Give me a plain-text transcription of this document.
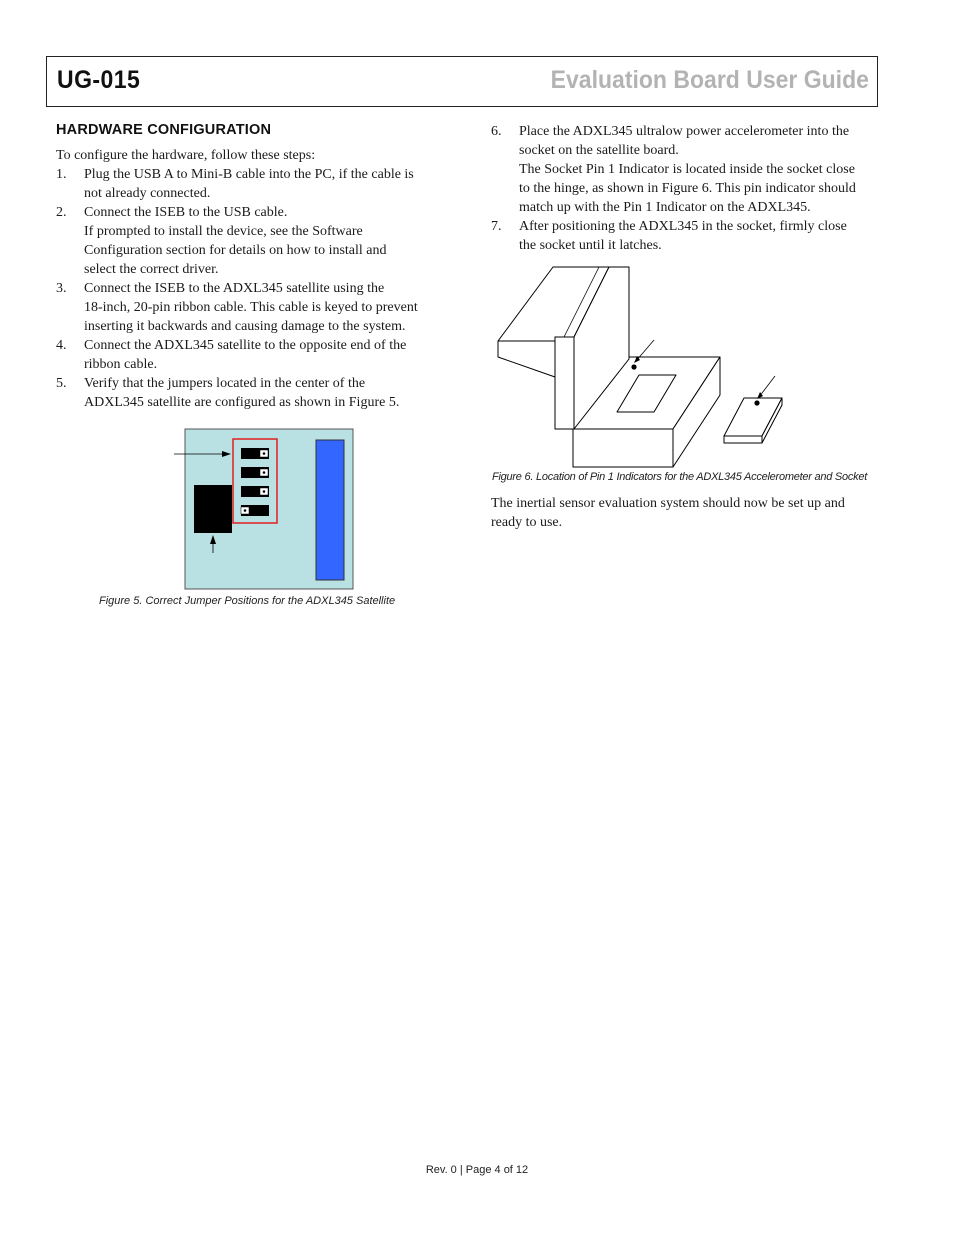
UG-015	Evaluation Board User Guide
HARDWARE CONFIGURATION

To configure the hardware, follow these steps:

1. Plug the USB A to Mini-B cable into the PC, if the cable is
not already connected.
2. Connect the ISEB to the USB cable.
If prompted to install the device, see the Software
Configuration section for details on how to install and
select the correct driver.
3. Connect the ISEB to the ADXL345 satellite using the
18-inch, 20-pin ribbon cable. This cable is keyed to prevent
inserting it backwards and causing damage to the system.
4. Connect the ADXL345 satellite to the opposite end of the
ribbon cable.
5. Verify that the jumpers located in the center of the
ADXL345 satellite are configured as shown in Figure 5.
Figure 5. Correct Jumper Positions for the ADXL345 Satellite
6. Place the ADXL345 ultralow power accelerometer into the
socket on the satellite board.
The Socket Pin 1 Indicator is located inside the socket close
to the hinge, as shown in Figure 6. This pin indicator should
match up with the Pin 1 Indicator on the ADXL345.
7. After positioning the ADXL345 in the socket, firmly close
the socket until it latches.
Figure 6. Location of Pin 1 Indicators for the ADXL345 Accelerometer and Socket

The inertial sensor evaluation system should now be set up and
ready to use.

Rev. 0 | Page 4 of 12
